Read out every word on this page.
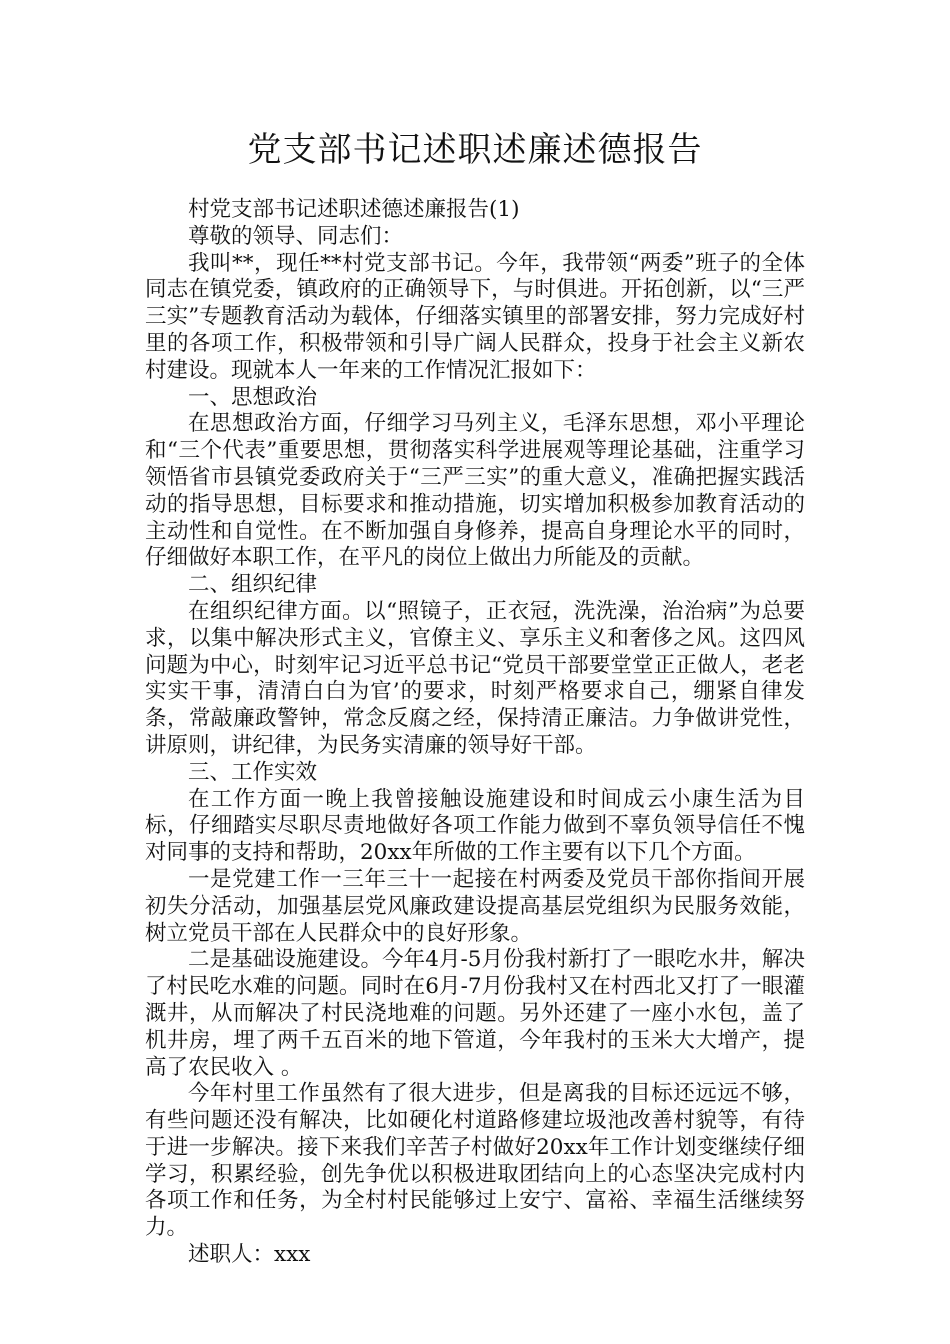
党支部书记述职述廉述德报告

村党支部书记述职述德述廉报告(1)

尊敬的领导、同志们：

我叫**，现任**村党支部书记。今年，我带领“两委”班子的全体同志在镇党委，镇政府的正确领导下，与时俱进。开拓创新，以“三严三实”专题教育活动为载体，仔细落实镇里的部署安排，努力完成好村里的各项工作，积极带领和引导广阔人民群众，投身于社会主义新农村建设。现就本人一年来的工作情况汇报如下：

一、思想政治

在思想政治方面，仔细学习马列主义，毛泽东思想，邓小平理论和“三个代表”重要思想，贯彻落实科学进展观等理论基础，注重学习领悟省市县镇党委政府关于“三严三实”的重大意义，准确把握实践活动的指导思想，目标要求和推动措施，切实增加积极参加教育活动的主动性和自觉性。在不断加强自身修养，提高自身理论水平的同时，仔细做好本职工作，在平凡的岗位上做出力所能及的贡献。

二、组织纪律

在组织纪律方面。以“照镜子，正衣冠，洗洗澡，治治病”为总要求，以集中解决形式主义，官僚主义、享乐主义和奢侈之风。这四风问题为中心，时刻牢记习近平总书记“党员干部要堂堂正正做人，老老实实干事，清清白白为官’的要求，时刻严格要求自己，绷紧自律发条，常敲廉政警钟，常念反腐之经，保持清正廉洁。力争做讲党性，讲原则，讲纪律，为民务实清廉的领导好干部。

三、工作实效

在工作方面一晚上我曾接触设施建设和时间成云小康生活为目标，仔细踏实尽职尽责地做好各项工作能力做到不辜负领导信任不愧对同事的支持和帮助，20xx年所做的工作主要有以下几个方面。

一是党建工作一三年三十一起接在村两委及党员干部你指间开展初失分活动，加强基层党风廉政建设提高基层党组织为民服务效能，树立党员干部在人民群众中的良好形象。

二是基础设施建设。今年4月-5月份我村新打了一眼吃水井，解决了村民吃水难的问题。同时在6月-7月份我村又在村西北又打了一眼灌溉井，从而解决了村民浇地难的问题。另外还建了一座小水包，盖了机井房，埋了两千五百米的地下管道，今年我村的玉米大大增产，提高了农民收入 。

今年村里工作虽然有了很大进步，但是离我的目标还远远不够，有些问题还没有解决，比如硬化村道路修建垃圾池改善村貌等，有待于进一步解决。接下来我们辛苦子村做好20xx年工作计划变继续仔细学习，积累经验，创先争优以积极进取团结向上的心态坚决完成村内各项工作和任务，为全村村民能够过上安宁、富裕、幸福生活继续努力。

述职人：xxx
